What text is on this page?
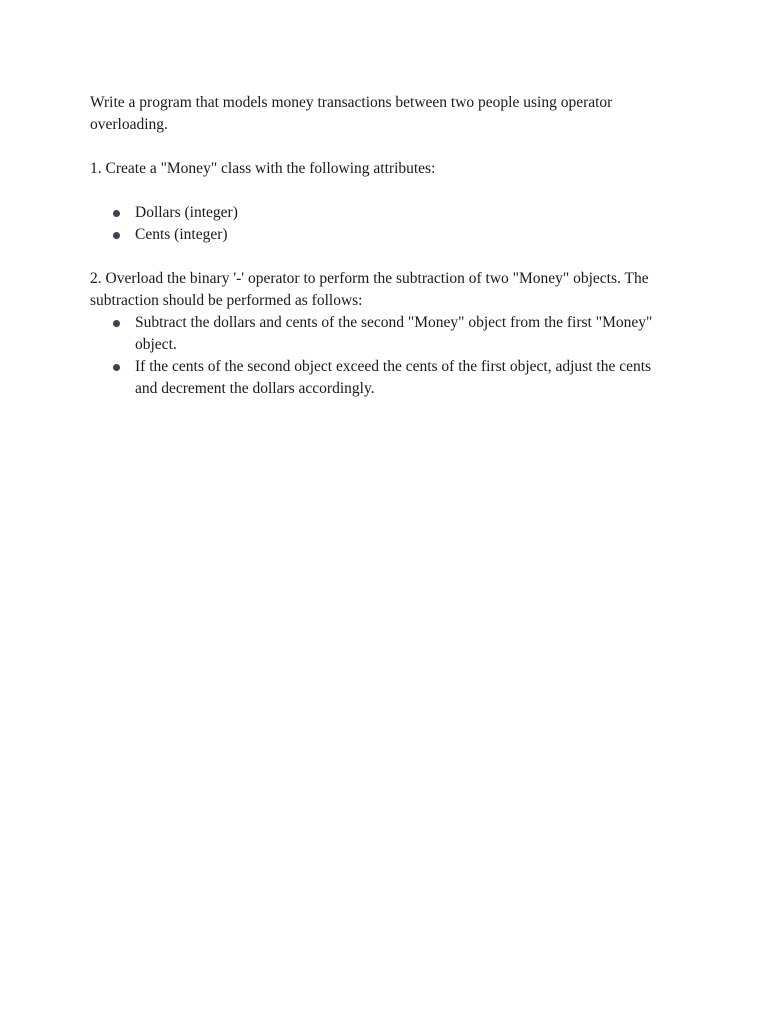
Write a program that models money transactions between two people using operator overloading.

1. Create a "Money" class with the following attributes:

Dollars (integer)
Cents (integer)

2. Overload the binary '-' operator to perform the subtraction of two "Money" objects. The subtraction should be performed as follows:

Subtract the dollars and cents of the second "Money" object from the first "Money" object.
If the cents of the second object exceed the cents of the first object, adjust the cents and decrement the dollars accordingly.
